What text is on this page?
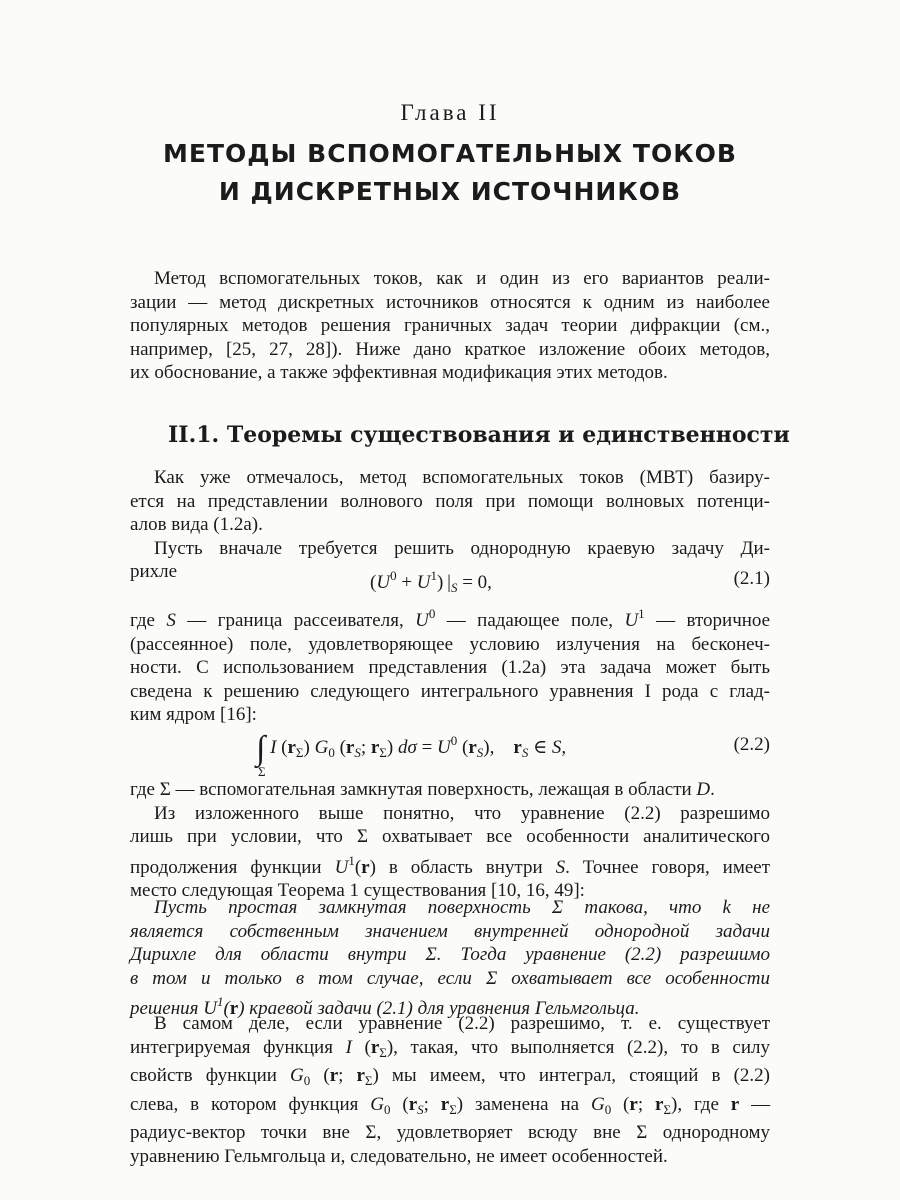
Глава II
МЕТОДЫ ВСПОМОГАТЕЛЬНЫХ ТОКОВ
И ДИСКРЕТНЫХ ИСТОЧНИКОВ
Метод вспомогательных токов, как и один из его вариантов реали-
зации — метод дискретных источников относятся к одним из наиболее
популярных методов решения граничных задач теории дифракции (см.,
например, [25, 27, 28]). Ниже дано краткое изложение обоих методов,
их обоснование, а также эффективная модификация этих методов.
II.1. Теоремы существования и единственности
Как уже отмечалось, метод вспомогательных токов (МВТ) базиру-
ется на представлении волнового поля при помощи волновых потенци-
алов вида (1.2а).
Пусть вначале требуется решить однородную краевую задачу Ди-
рихле
$(U^0 + U^1) |_S = 0$,	(2.1)
где S — граница рассеивателя, $U^0$ — падающее поле, $U^1$ — вторичное
(рассеянное) поле, удовлетворяющее условию излучения на бесконеч-
ности. С использованием представления (1.2а) эта задача может быть
сведена к решению следующего интегрального уравнения I рода с глад-
ким ядром [16]:
∫ I $(r_\Sigma)$ $G_0$ ($r_S$; $r_\Sigma$) $d\sigma = U^0$ $(r_S)$,    $r_S$ ∈ S,
Σ
(2.2)
где Σ — вспомогательная замкнутая поверхность, лежащая в области D.
Из изложенного выше понятно, что уравнение (2.2) разрешимо
лишь при условии, что Σ охватывает все особенности аналитического
продолжения функции $U^1(r)$ в область внутри S. Точнее говоря, имеет
место следующая Теорема 1 существования [10, 16, 49]:
Пусть простая замкнутая поверхность Σ такова, что k не
является собственным значением внутренней однородной задачи
Дирихле для области внутри Σ. Тогда уравнение (2.2) разрешимо
в том и только в том случае, если Σ охватывает все особенности
решения $U^1(r)$ краевой задачи (2.1) для уравнения Гельмгольца.
В самом деле, если уравнение (2.2) разрешимо, т. е. существует
интегрируемая функция I $(r_\Sigma)$, такая, что выполняется (2.2), то в силу
свойств функции $G_0$ (r; $r_\Sigma$) мы имеем, что интеграл, стоящий в (2.2)
слева, в котором функция $G_0$ ($r_S$; $r_\Sigma$) заменена на $G_0$ (r; $r_\Sigma$), где r —
радиус-вектор точки вне Σ, удовлетворяет всюду вне Σ однородному
уравнению Гельмгольца и, следовательно, не имеет особенностей.
